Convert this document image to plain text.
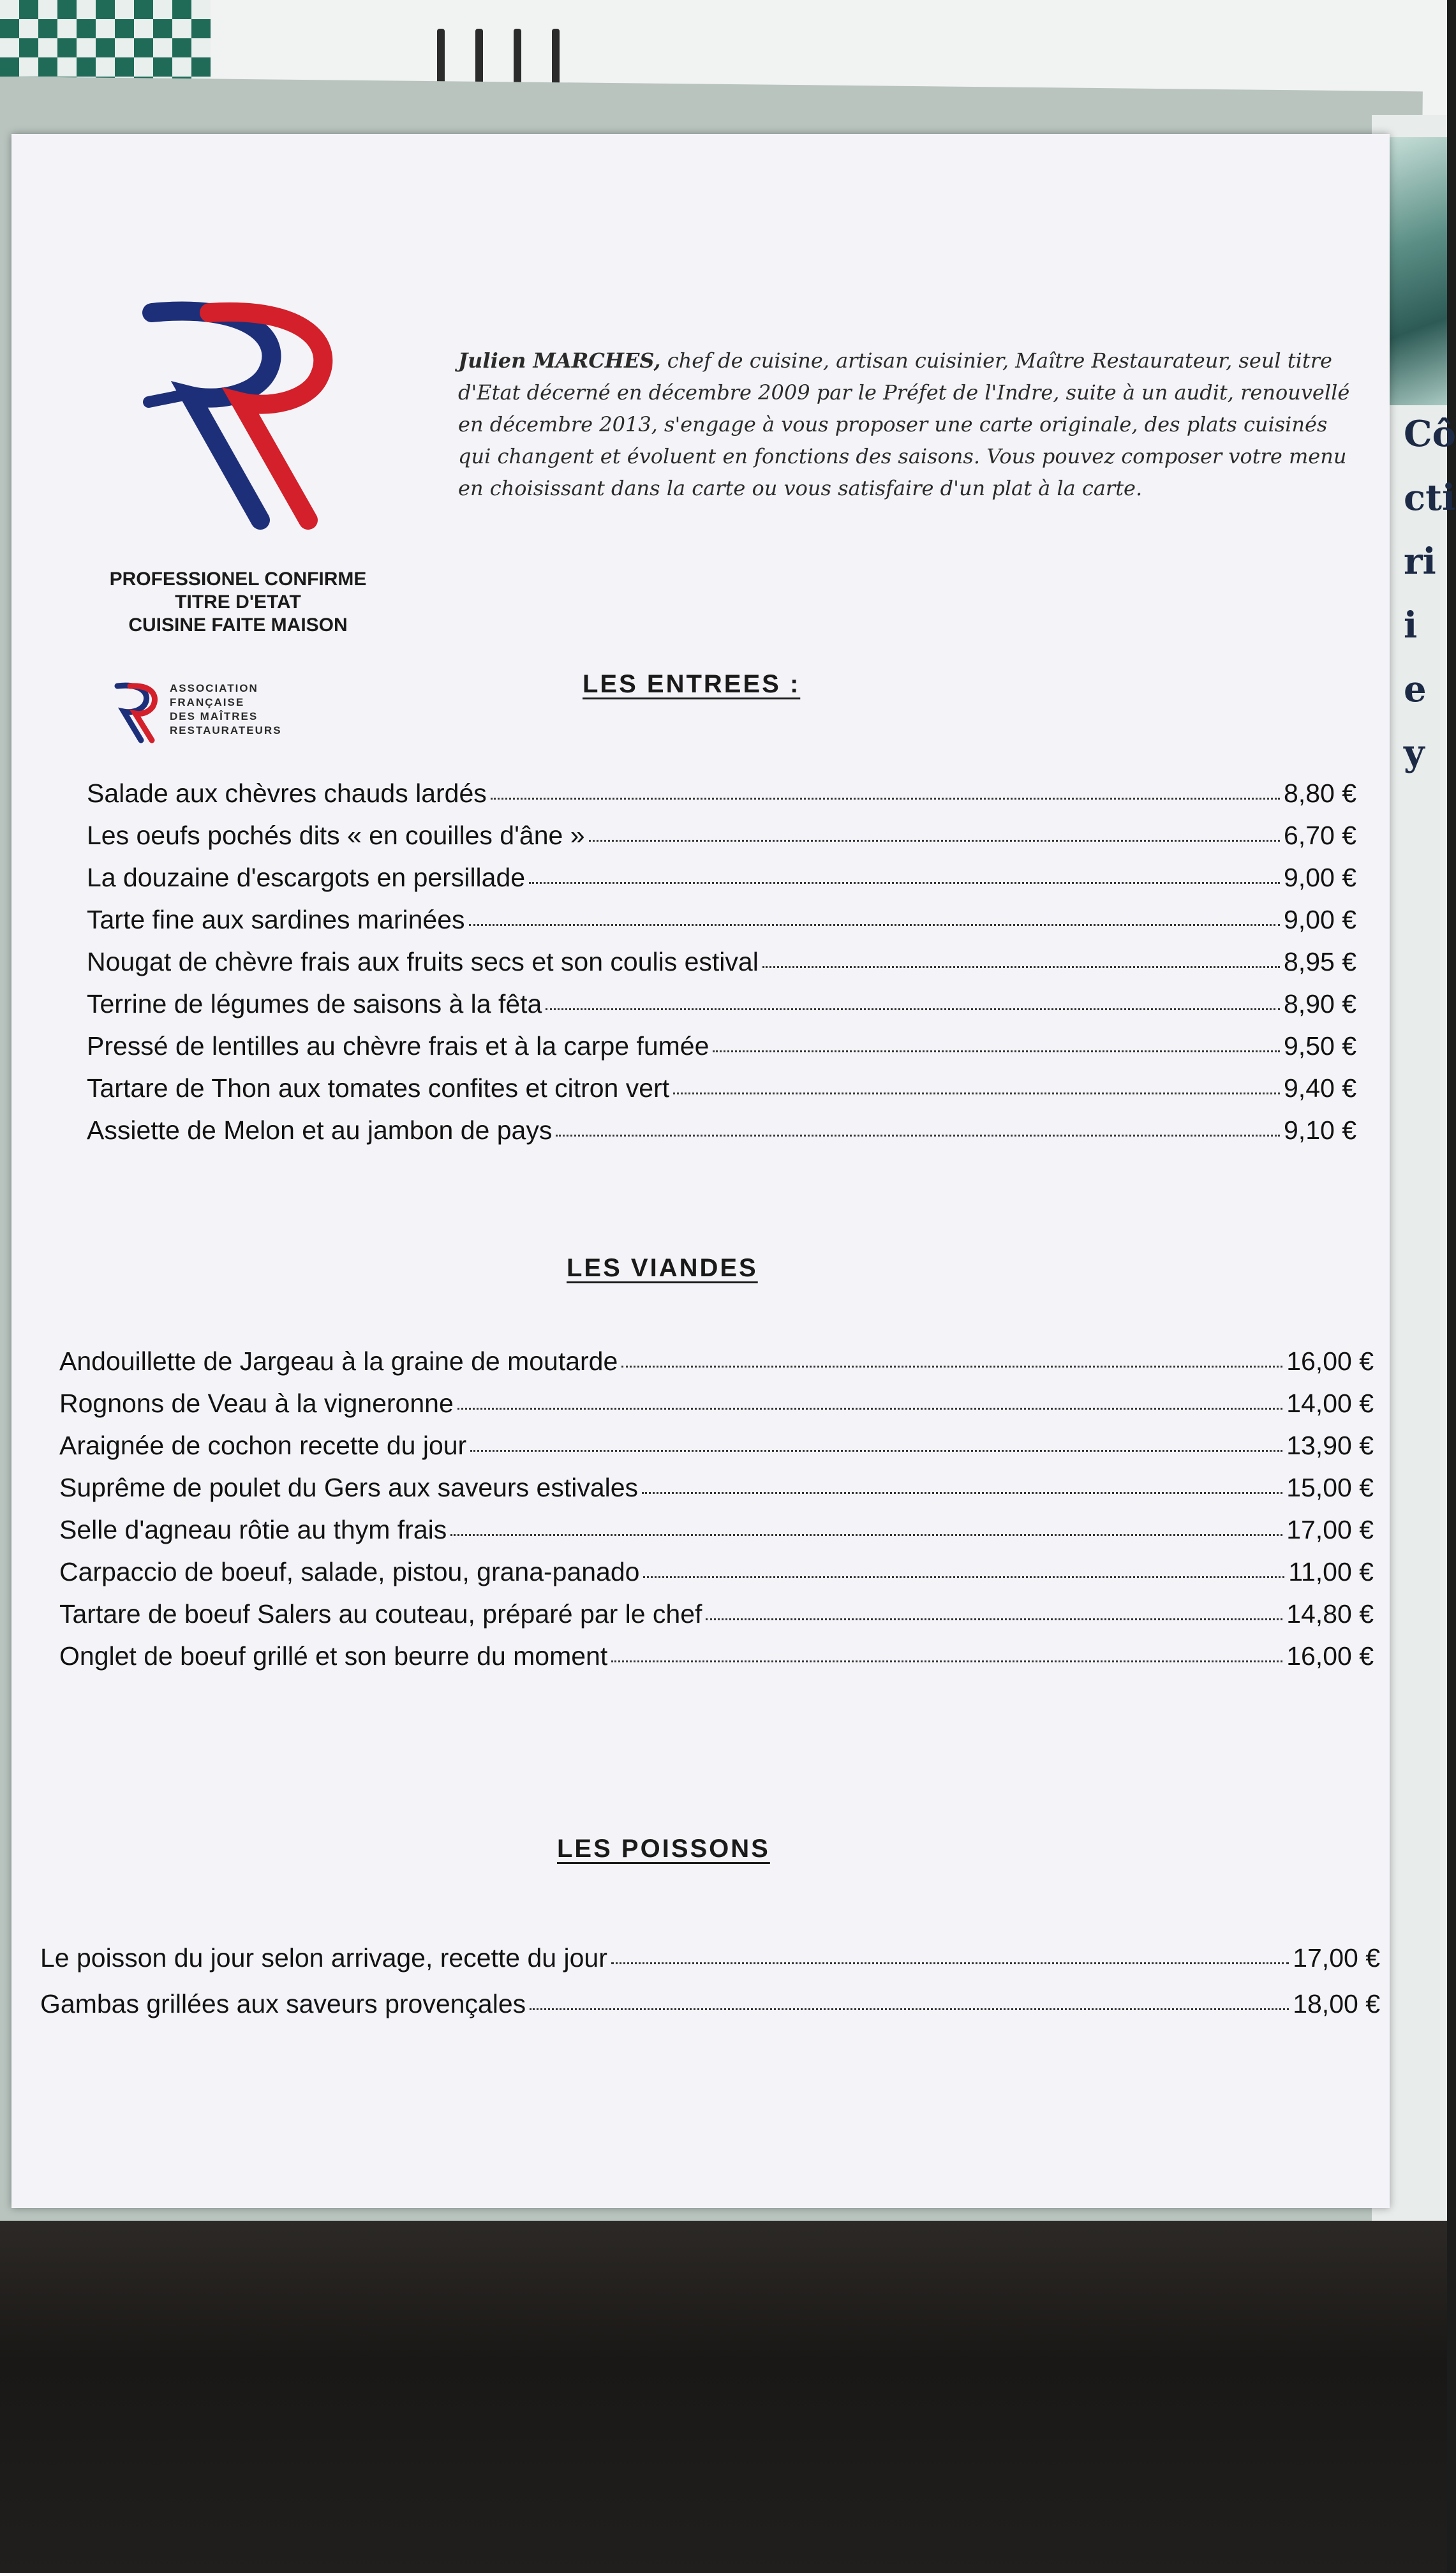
Cô
cti
ri
i
e
y
PROFESSIONEL CONFIRME
TITRE D'ETAT
CUISINE FAITE MAISON
ASSOCIATION
FRANÇAISE
DES MAÎTRES
RESTAURATEURS
Julien MARCHES, chef de cuisine, artisan cuisinier, Maître Restaurateur, seul titre d'Etat décerné en décembre 2009 par le Préfet de l'Indre, suite à un audit, renouvellé en décembre 2013, s'engage à vous proposer une carte originale, des plats cuisinés qui changent et évoluent en fonctions des saisons. Vous pouvez composer votre menu en choisissant dans la carte ou vous satisfaire d'un plat à la carte.
LES ENTREES :
Salade aux chèvres chauds lardés	8,80 €
Les oeufs pochés dits « en couilles d'âne »	6,70 €
La douzaine d'escargots en persillade	9,00 €
Tarte fine aux sardines marinées	9,00 €
Nougat de chèvre frais aux fruits secs et son coulis estival	8,95 €
Terrine de légumes de saisons à la fêta	8,90 €
Pressé de lentilles au chèvre frais et à la carpe fumée	9,50 €
Tartare de Thon aux tomates confites et citron vert	9,40 €
Assiette de Melon et au jambon de pays	9,10 €
LES VIANDES
Andouillette de Jargeau à la graine de moutarde	16,00 €
Rognons de Veau à la vigneronne	14,00 €
Araignée de cochon recette du jour	13,90 €
Suprême de poulet du Gers aux saveurs estivales	15,00 €
Selle d'agneau rôtie au thym frais	17,00 €
Carpaccio de boeuf, salade, pistou, grana-panado	11,00 €
Tartare de boeuf Salers au couteau, préparé par le chef	14,80 €
Onglet de boeuf grillé et son beurre du moment	16,00 €
LES POISSONS
Le poisson du jour selon arrivage, recette du jour	17,00 €
Gambas grillées aux saveurs provençales	18,00 €
